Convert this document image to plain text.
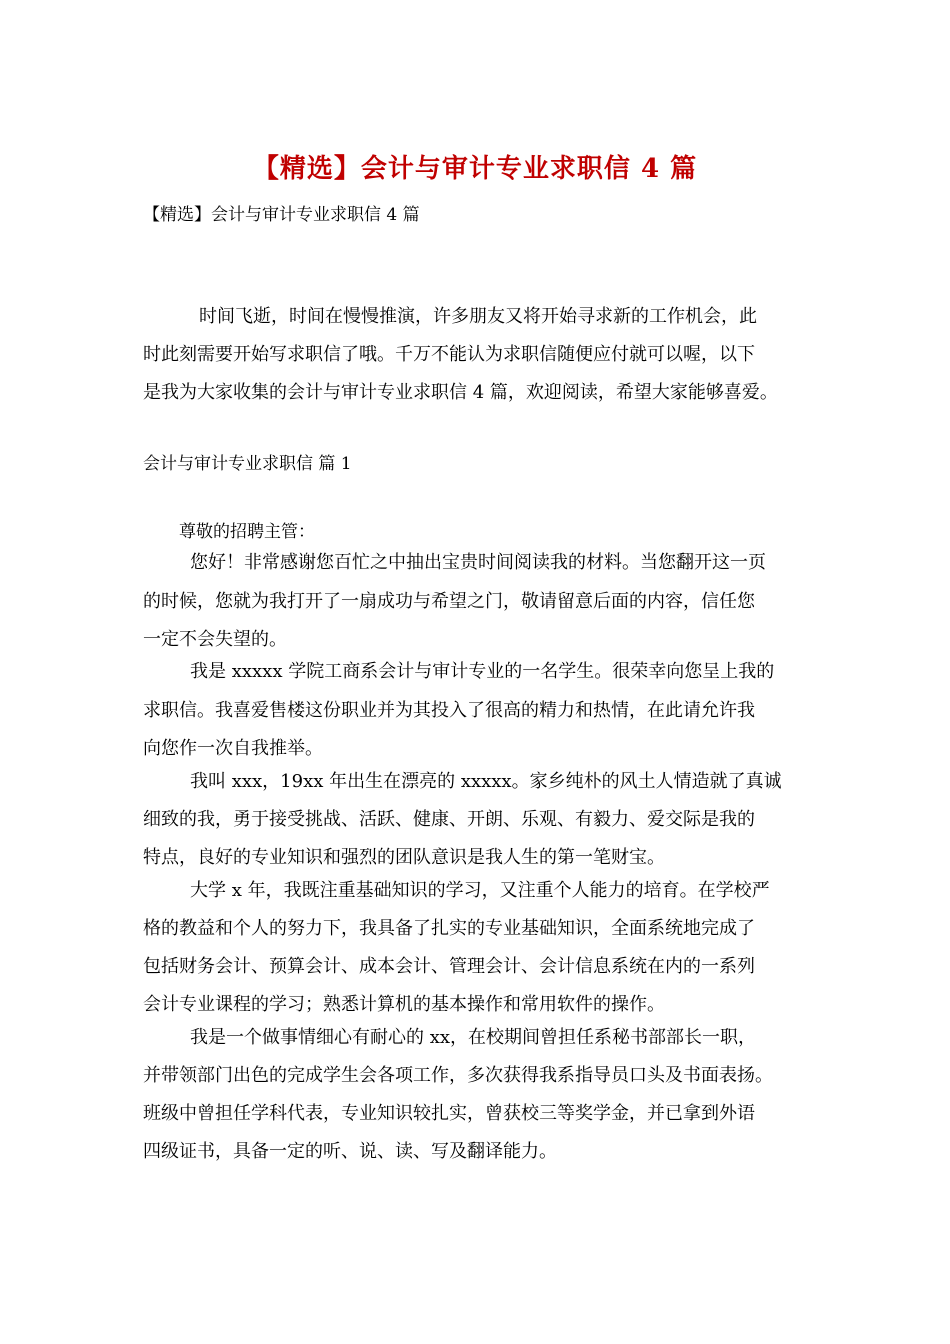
【精选】会计与审计专业求职信 4 篇
【精选】会计与审计专业求职信 4 篇
时间飞逝，时间在慢慢推演，许多朋友又将开始寻求新的工作机会，此
时此刻需要开始写求职信了哦。千万不能认为求职信随便应付就可以喔，以下
是我为大家收集的会计与审计专业求职信 4 篇，欢迎阅读，希望大家能够喜爱。
会计与审计专业求职信 篇 1
尊敬的招聘主管：
您好！非常感谢您百忙之中抽出宝贵时间阅读我的材料。当您翻开这一页
的时候，您就为我打开了一扇成功与希望之门，敬请留意后面的内容，信任您
一定不会失望的。
我是 xxxxx 学院工商系会计与审计专业的一名学生。很荣幸向您呈上我的
求职信。我喜爱售楼这份职业并为其投入了很高的精力和热情，在此请允许我
向您作一次自我推举。
我叫 xxx，19xx 年出生在漂亮的 xxxxx。家乡纯朴的风土人情造就了真诚
细致的我，勇于接受挑战、活跃、健康、开朗、乐观、有毅力、爱交际是我的
特点，良好的专业知识和强烈的团队意识是我人生的第一笔财宝。
大学 x 年，我既注重基础知识的学习，又注重个人能力的培育。在学校严
格的教益和个人的努力下，我具备了扎实的专业基础知识，全面系统地完成了
包括财务会计、预算会计、成本会计、管理会计、会计信息系统在内的一系列
会计专业课程的学习；熟悉计算机的基本操作和常用软件的操作。
我是一个做事情细心有耐心的 xx，在校期间曾担任系秘书部部长一职，
并带领部门出色的完成学生会各项工作，多次获得我系指导员口头及书面表扬。
班级中曾担任学科代表，专业知识较扎实，曾获校三等奖学金，并已拿到外语
四级证书，具备一定的听、说、读、写及翻译能力。
